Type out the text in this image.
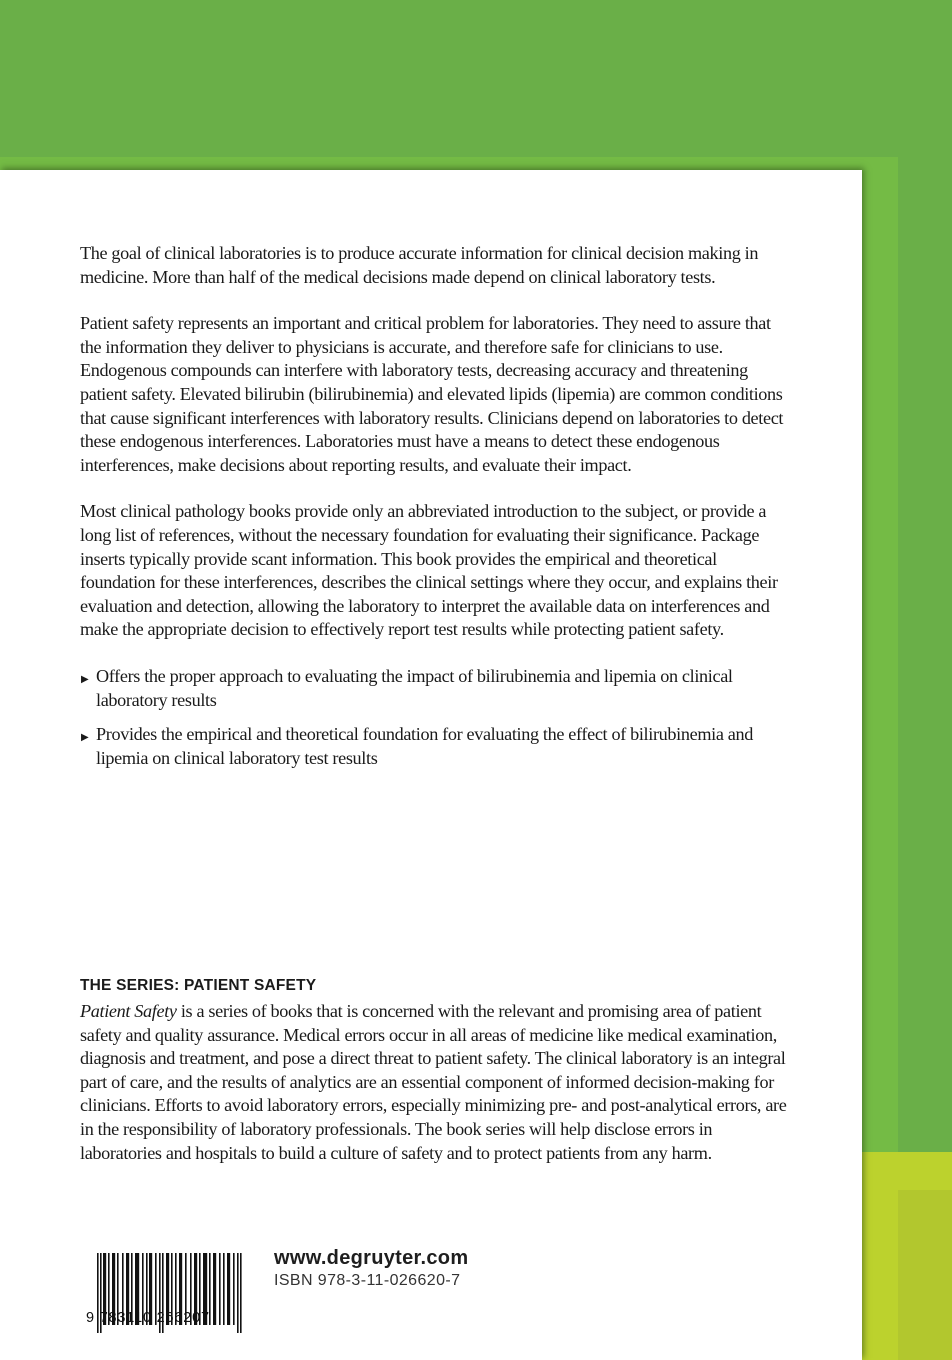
The goal of clinical laboratories is to produce accurate information for clinical decision making in medicine. More than half of the medical decisions made depend on clinical laboratory tests.

Patient safety represents an important and critical problem for laboratories. They need to assure that the information they deliver to physicians is accurate, and therefore safe for clinicians to use. Endogenous compounds can interfere with laboratory tests, decreasing accuracy and threatening patient safety. Elevated bilirubin (bilirubinemia) and elevated lipids (lipemia) are common conditions that cause significant interferences with laboratory results. Clinicians depend on laboratories to detect these endogenous interferences. Laboratories must have a means to detect these endogenous interferences, make decisions about reporting results, and evaluate their impact.

Most clinical pathology books provide only an abbreviated introduction to the subject, or provide a long list of references, without the necessary foundation for evaluating their significance. Package inserts typically provide scant information. This book provides the empirical and theoretical foundation for these interferences, describes the clinical settings where they occur, and explains their evaluation and detection, allowing the laboratory to interpret the available data on interferences and make the appropriate decision to effectively report test results while protecting patient safety.

▶ Offers the proper approach to evaluating the impact of bilirubinemia and lipemia on clinical laboratory results
▶ Provides the empirical and theoretical foundation for evaluating the effect of bilirubinemia and lipemia on clinical laboratory test results
THE SERIES: PATIENT SAFETY
Patient Safety is a series of books that is concerned with the relevant and promising area of patient safety and quality assurance. Medical errors occur in all areas of medicine like medical examination, diagnosis and treatment, and pose a direct threat to patient safety. The clinical laboratory is an integral part of care, and the results of analytics are an essential component of informed decision-making for clinicians. Efforts to avoid laboratory errors, especially minimizing pre- and post-analytical errors, are in the responsibility of laboratory professionals. The book series will help disclose errors in laboratories and hospitals to build a culture of safety and to protect patients from any harm.
9 783110 266207
www.degruyter.com
ISBN 978-3-11-026620-7
